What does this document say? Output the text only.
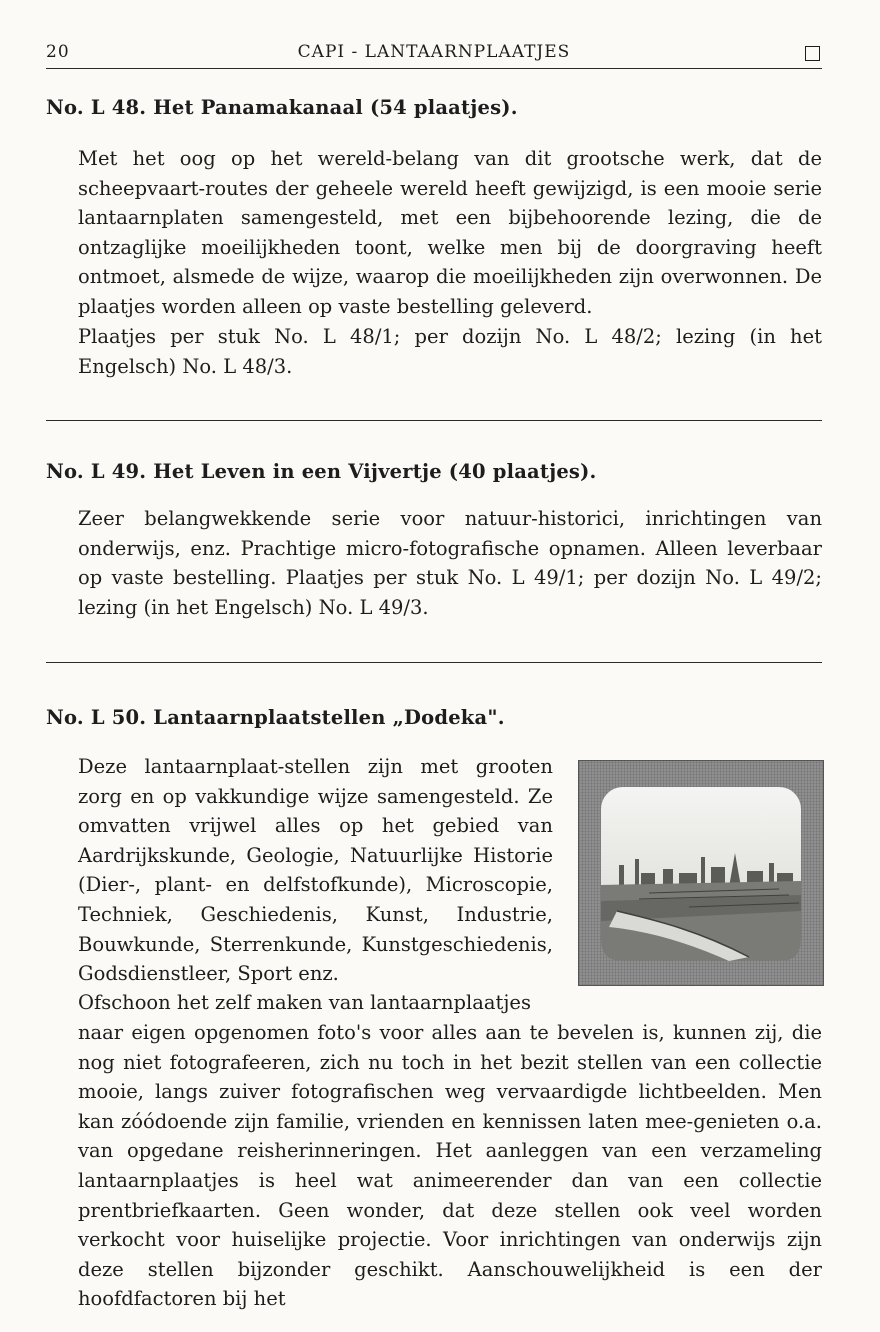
20	CAPI - LANTAARNPLAATJES
No. L 48. Het Panamakanaal (54 plaatjes).

Met het oog op het wereld-belang van dit grootsche werk, dat de scheepvaart-routes der geheele wereld heeft gewijzigd, is een mooie serie lantaarnplaten samengesteld, met een bijbehoorende lezing, die de ontzaglijke moeilijkheden toont, welke men bij de doorgraving heeft ontmoet, alsmede de wijze, waarop die moeilijkheden zijn overwonnen. De plaatjes worden alleen op vaste bestelling geleverd.

Plaatjes per stuk No. L 48/1; per dozijn No. L 48/2; lezing (in het Engelsch) No. L 48/3.

No. L 49. Het Leven in een Vijvertje (40 plaatjes).

Zeer belangwekkende serie voor natuur-historici, inrichtingen van onderwijs, enz. Prachtige micro-fotografische opnamen. Alleen leverbaar op vaste bestelling. Plaatjes per stuk No. L 49/1; per dozijn No. L 49/2; lezing (in het Engelsch) No. L 49/3.

No. L 50. Lantaarnplaatstellen „Dodeka".

Deze lantaarnplaat-stellen zijn met grooten zorg en op vakkundige wijze samengesteld. Ze omvatten vrijwel alles op het gebied van Aardrijkskunde, Geologie, Natuurlijke Historie (Dier-, plant- en delfstofkunde), Microscopie, Techniek, Geschiedenis, Kunst, Industrie, Bouwkunde, Sterrenkunde, Kunstgeschiedenis, Godsdienstleer, Sport enz.

Ofschoon het zelf maken van lantaarnplaatjes

naar eigen opgenomen foto's voor alles aan te bevelen is, kunnen zij, die nog niet fotografeeren, zich nu toch in het bezit stellen van een collectie mooie, langs zuiver fotografischen weg vervaardigde lichtbeelden. Men kan zóódoende zijn familie, vrienden en kennissen laten mee-genieten o.a. van opgedane reisherinneringen. Het aanleggen van een verzameling lantaarnplaatjes is heel wat animeerender dan van een collectie prentbriefkaarten. Geen wonder, dat deze stellen ook veel worden verkocht voor huiselijke projectie. Voor inrichtingen van onderwijs zijn deze stellen bijzonder geschikt. Aanschouwelijkheid is een der hoofdfactoren bij het
